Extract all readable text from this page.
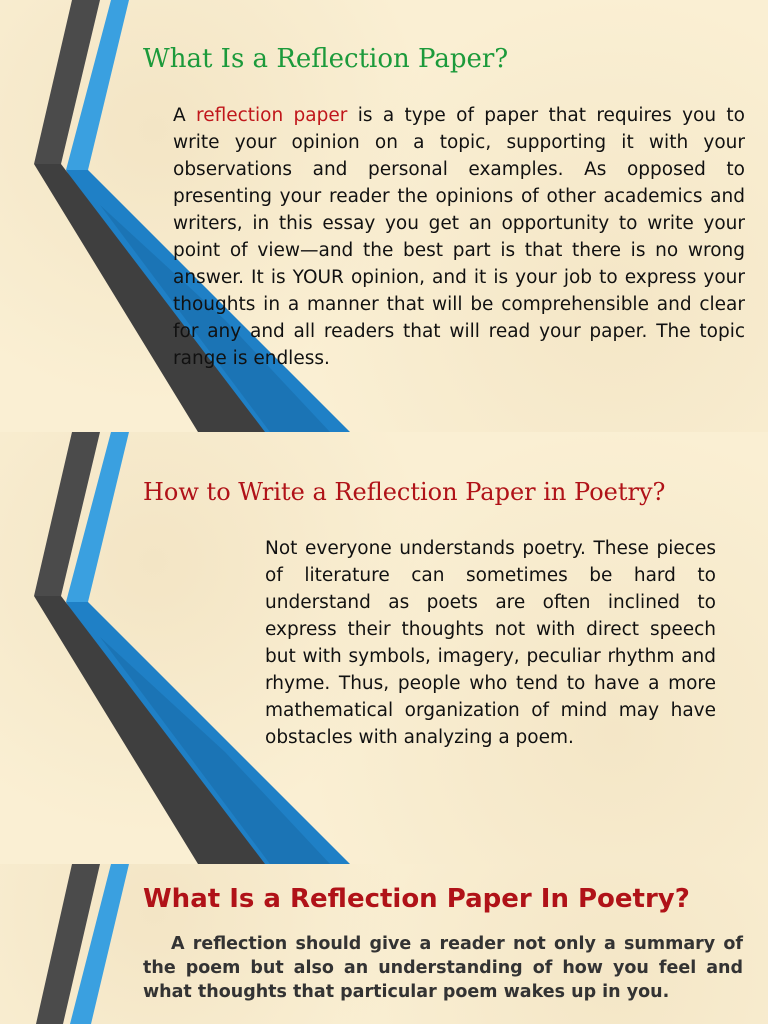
What Is a Reflection Paper?

A reflection paper is a type of paper that requires you to write your opinion on a topic, supporting it with your observations and personal examples. As opposed to presenting your reader the opinions of other academics and writers, in this essay you get an opportunity to write your point of view—and the best part is that there is no wrong answer. It is YOUR opinion, and it is your job to express your thoughts in a manner that will be comprehensible and clear for any and all readers that will read your paper. The topic range is endless.

How to Write a Reflection Paper in Poetry?

Not everyone understands poetry. These pieces of literature can sometimes be hard to understand as poets are often inclined to express their thoughts not with direct speech but with symbols, imagery, peculiar rhythm and rhyme. Thus, people who tend to have a more mathematical organization of mind may have obstacles with analyzing a poem.

What Is a Reflection Paper In Poetry?

A reflection should give a reader not only a summary of the poem but also an understanding of how you feel and what thoughts that particular poem wakes up in you.
